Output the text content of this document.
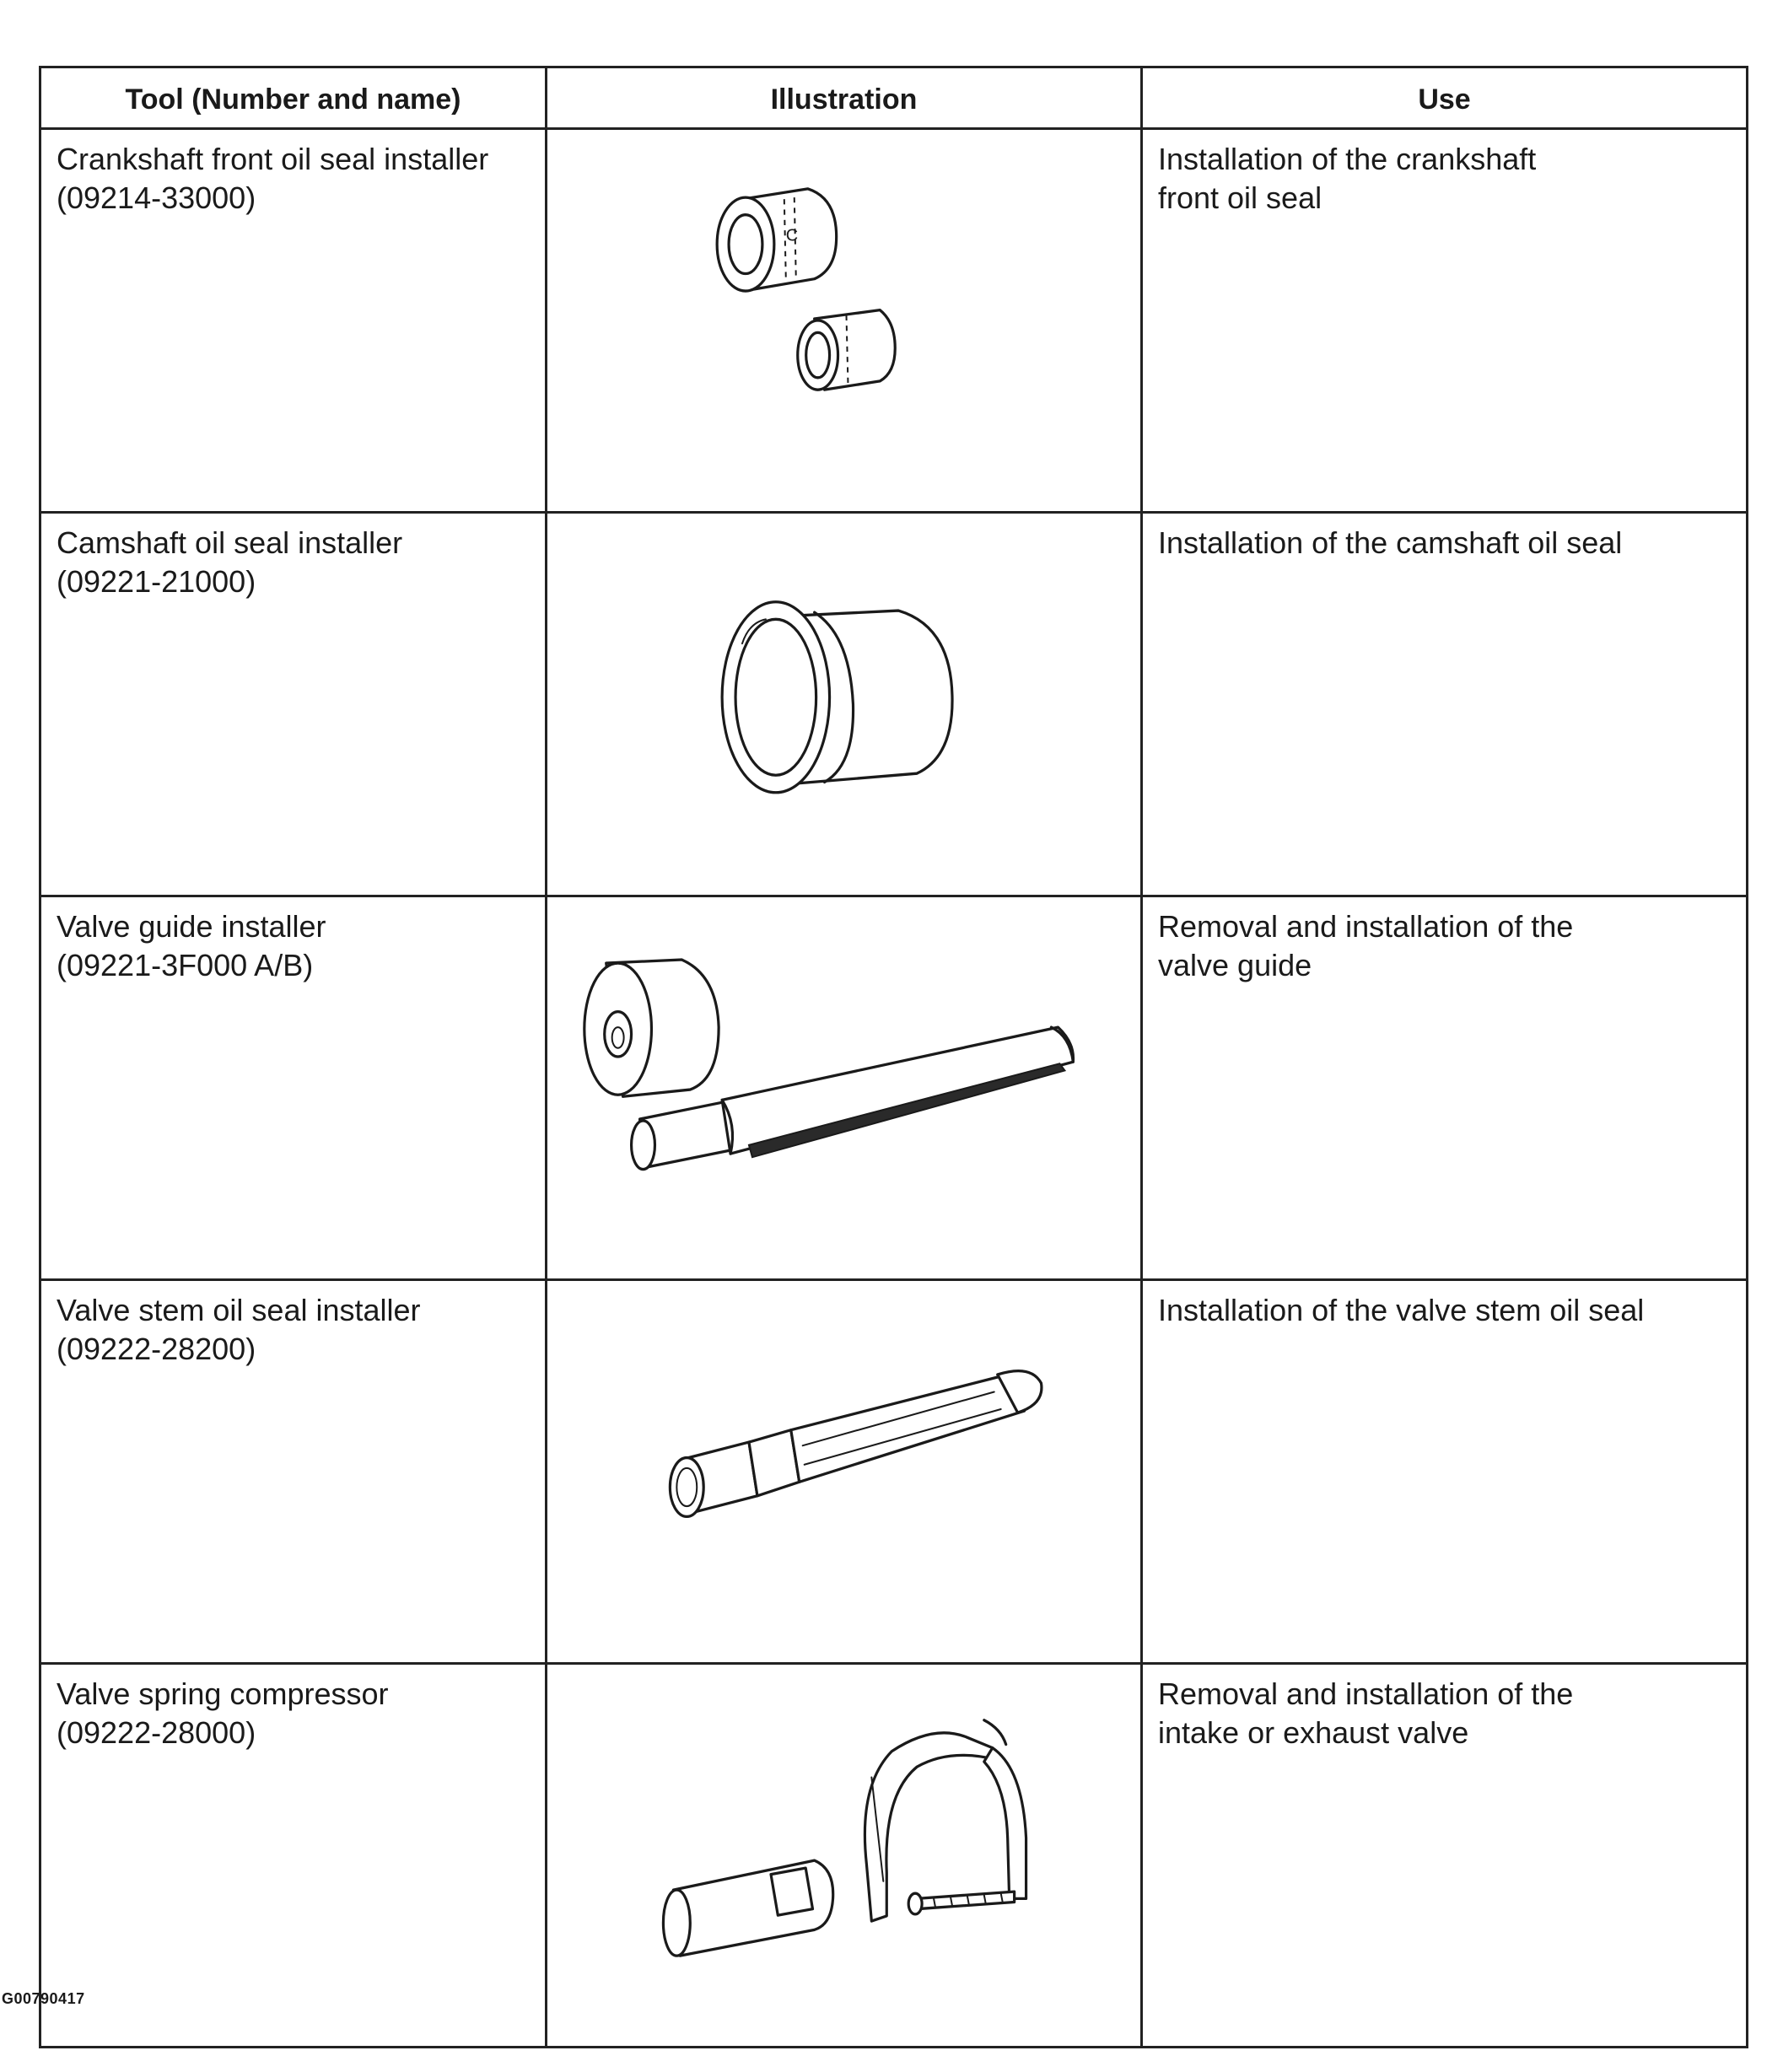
Tool (Number and name)	Illustration	Use

Crankshaft front oil seal installer
(09214-33000)	C	Installation of the crankshaft
front oil seal

Camshaft oil seal installer
(09221-21000)		Installation of the camshaft oil seal

Valve guide installer
(09221-3F000 A/B)		Removal and installation of the
valve guide

Valve stem oil seal installer
(09222-28200)		Installation of the valve stem oil seal

Valve spring compressor
(09222-28000)		Removal and installation of the
intake or exhaust valve
G00790417
